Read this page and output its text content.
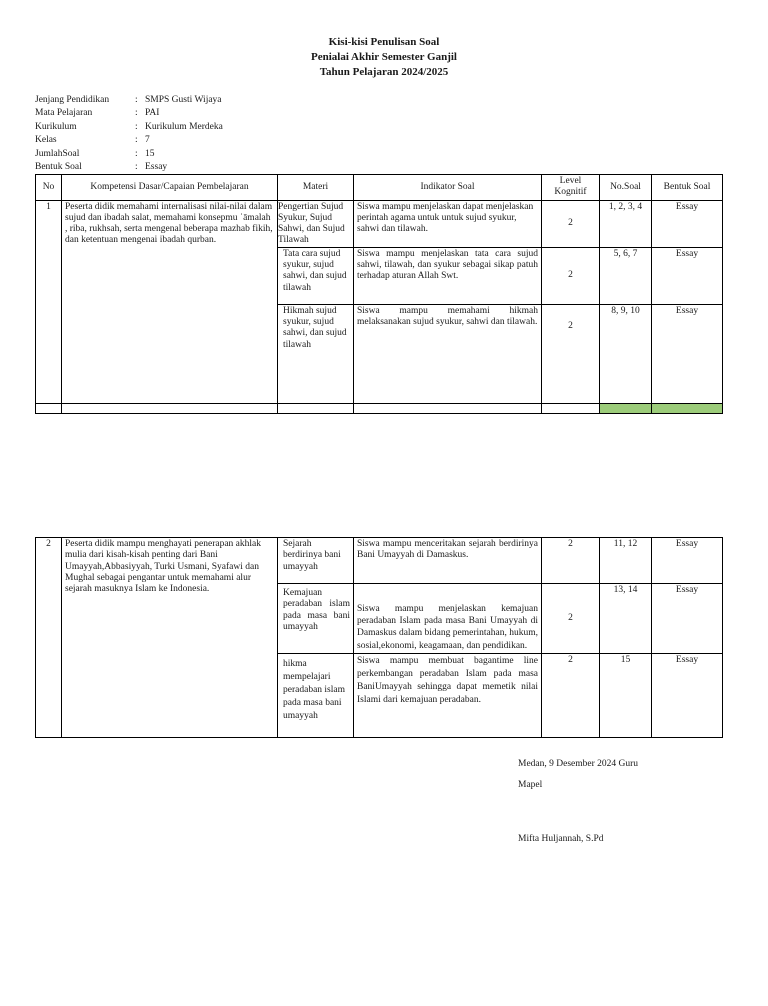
Kisi-kisi Penulisan Soal
Penialai Akhir Semester Ganjil
Tahun Pelajaran 2024/2025
Jenjang Pendidikan	: SMPS Gusti Wijaya
Mata Pelajaran	: PAI
Kurikulum	: Kurikulum Merdeka
Kelas	: 7
JumlahSoal	: 15
Bentuk Soal	: Essay
No	Kompetensi Dasar/Capaian Pembelajaran	Materi	Indikator Soal	Level Kognitif	No.Soal	Bentuk Soal
1	Peserta didik memahami internalisasi nilai-nilai dalam sujud dan ibadah salat, memahami konsepmu ʿāmalah , riba, rukhsah, serta mengenal beberapa mazhab fikih, dan ketentuan mengenai ibadah qurban.	Pengertian Sujud Syukur, Sujud Sahwi, dan Sujud Tilawah	Siswa mampu menjelaskan dapat menjelaskan perintah agama untuk untuk sujud syukur, sahwi dan tilawah.	2	1, 2, 3, 4	Essay
		Tata cara sujud syukur, sujud sahwi, dan sujud tilawah	Siswa mampu menjelaskan tata cara sujud sahwi, tilawah, dan syukur sebagai sikap patuh terhadap aturan Allah Swt.	2	5, 6, 7	Essay
		Hikmah sujud syukur, sujud sahwi, dan sujud tilawah	Siswa mampu memahami hikmah melaksanakan sujud syukur, sahwi dan tilawah.	2	8, 9, 10	Essay

2	Peserta didik mampu menghayati penerapan akhlak mulia dari kisah-kisah penting dari Bani Umayyah,Abbasiyyah, Turki Usmani, Syafawi dan Mughal sebagai pengantar untuk memahami alur sejarah masuknya Islam ke Indonesia.	Sejarah berdirinya bani umayyah	Siswa mampu menceritakan sejarah berdirinya Bani Umayyah di Damaskus.	2	11, 12	Essay
		Kemajuan peradaban islam pada masa bani umayyah	Siswa mampu menjelaskan kemajuan peradaban Islam pada masa Bani Umayyah di Damaskus dalam bidang pemerintahan, hukum, sosial,ekonomi, keagamaan, dan pendidikan.	2	13, 14	Essay
		hikma mempelajari peradaban islam pada masa bani umayyah	Siswa mampu membuat bagantime line perkembangan peradaban Islam pada masa BaniUmayyah sehingga dapat memetik nilai Islami dari kemajuan peradaban.	2	15	Essay
Medan, 9 Desember 2024 Guru
Mapel
Mifta Huljannah, S.Pd
